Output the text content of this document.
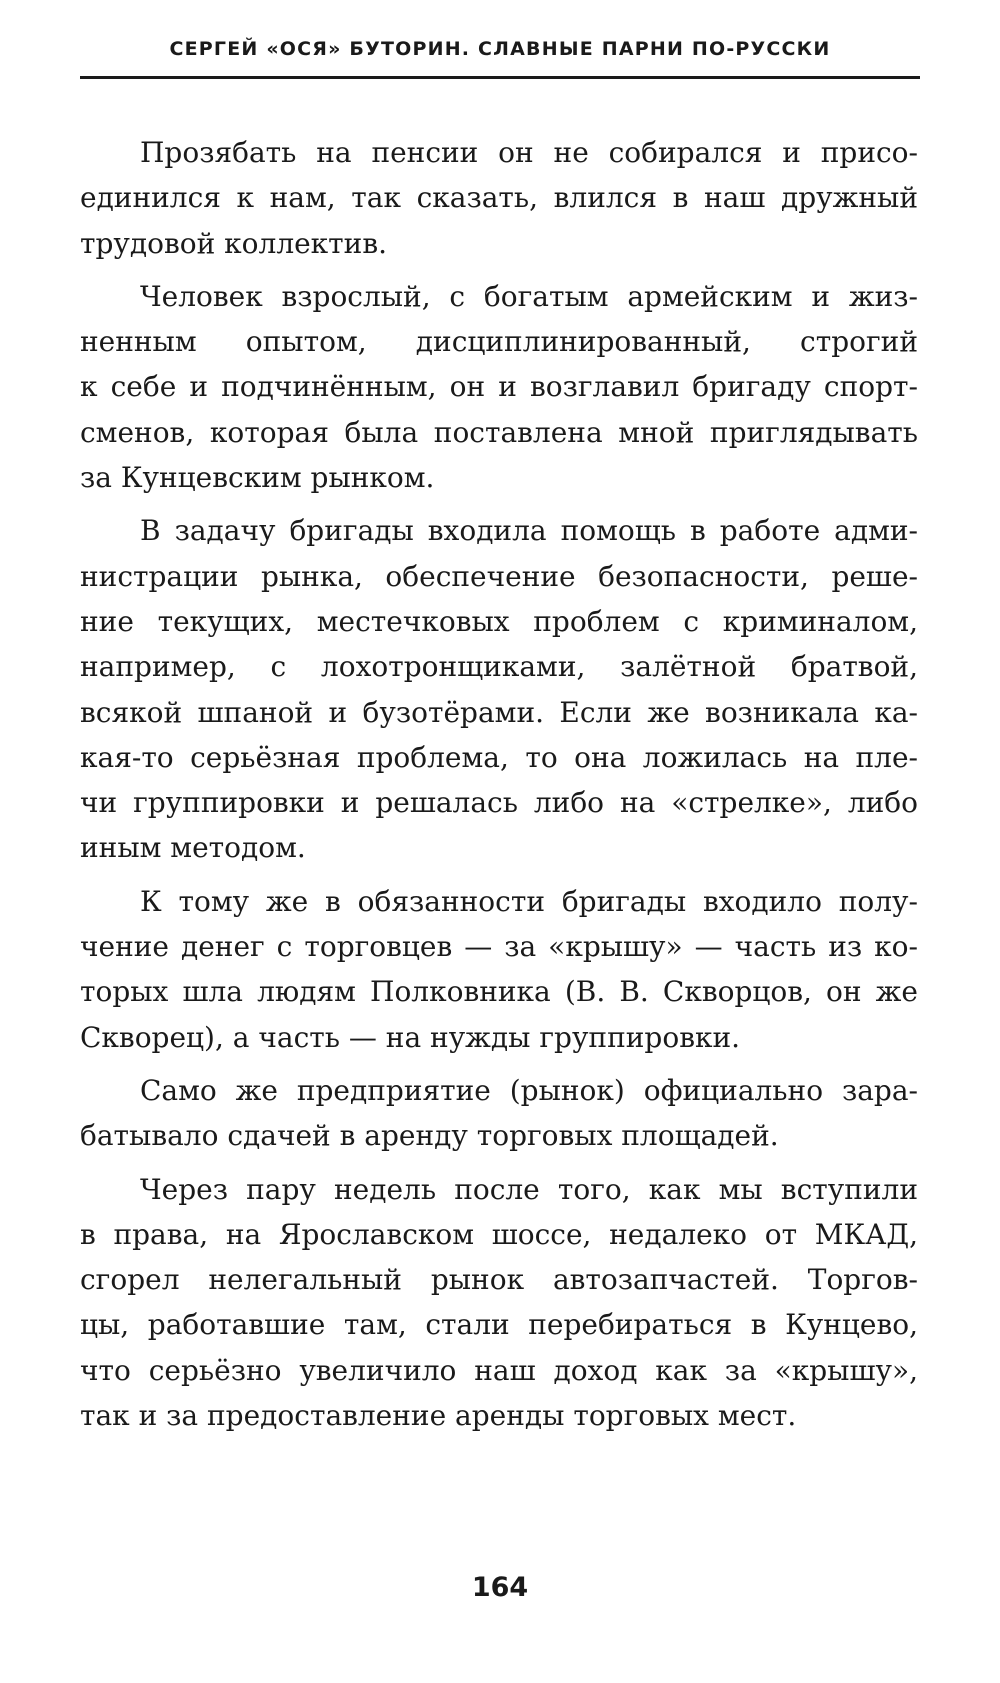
СЕРГЕЙ «ОСЯ» БУТОРИН. СЛАВНЫЕ ПАРНИ ПО-РУССКИ
Прозябать на пенсии он не собирался и присо-
единился к нам, так сказать, влился в наш дружный
трудовой коллектив.
Человек взрослый, с богатым армейским и жиз-
ненным опытом, дисциплинированный, строгий
к себе и подчинённым, он и возглавил бригаду спорт-
сменов, которая была поставлена мной приглядывать
за Кунцевским рынком.
В задачу бригады входила помощь в работе адми-
нистрации рынка, обеспечение безопасности, реше-
ние текущих, местечковых проблем с криминалом,
например, с лохотронщиками, залётной братвой,
всякой шпаной и бузотёрами. Если же возникала ка-
кая-то серьёзная проблема, то она ложилась на пле-
чи группировки и решалась либо на «стрелке», либо
иным методом.
К тому же в обязанности бригады входило полу-
чение денег с торговцев — за «крышу» — часть из ко-
торых шла людям Полковника (В. В. Скворцов, он же
Скворец), а часть — на нужды группировки.
Само же предприятие (рынок) официально зара-
батывало сдачей в аренду торговых площадей.
Через пару недель после того, как мы вступили
в права, на Ярославском шоссе, недалеко от МКАД,
сгорел нелегальный рынок автозапчастей. Торгов-
цы, работавшие там, стали перебираться в Кунцево,
что серьёзно увеличило наш доход как за «крышу»,
так и за предоставление аренды торговых мест.
164
